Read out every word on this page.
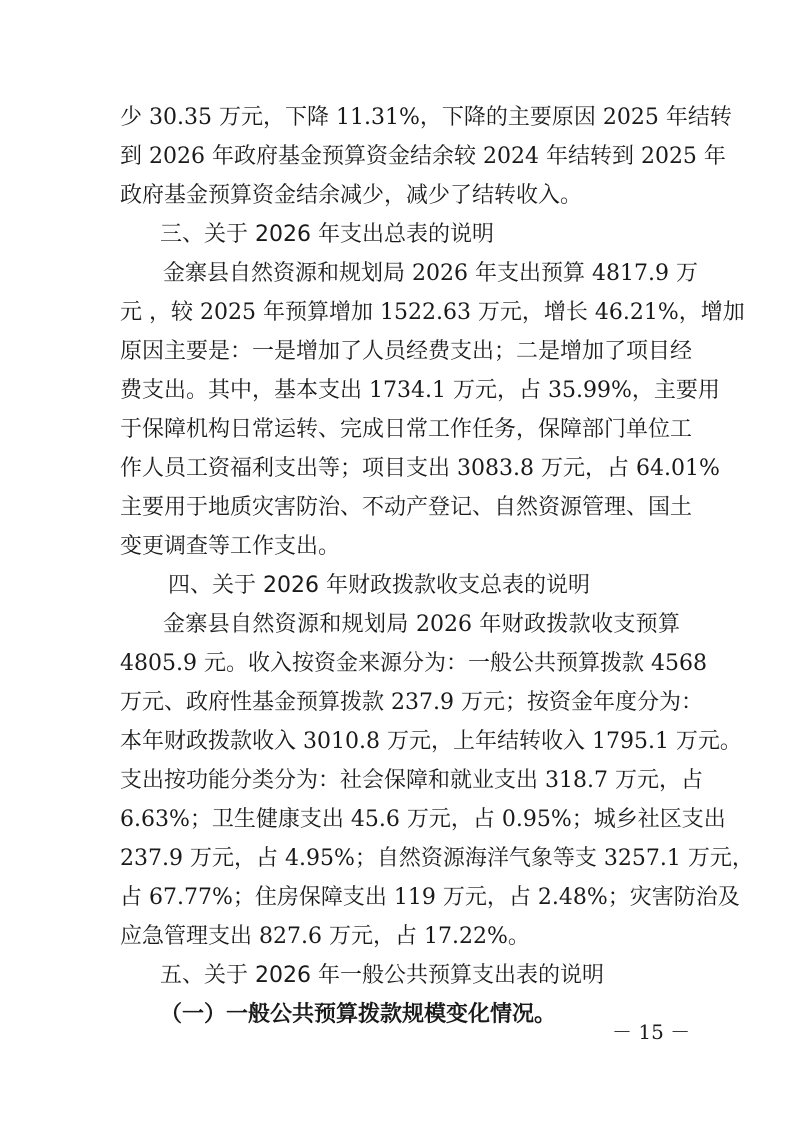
少 30.35 万元，下降 11.31%，下降的主要原因 2025 年结转
到 2026 年政府基金预算资金结余较 2024 年结转到 2025 年
政府基金预算资金结余减少，减少了结转收入。
三、关于 2026 年支出总表的说明
金寨县自然资源和规划局 2026 年支出预算 4817.9 万
元 ，较 2025 年预算增加 1522.63 万元，增长 46.21%，增加
原因主要是：一是增加了人员经费支出；二是增加了项目经
费支出。其中，基本支出 1734.1 万元，占 35.99%，主要用
于保障机构日常运转、完成日常工作任务，保障部门单位工
作人员工资福利支出等；项目支出 3083.8 万元，占 64.01%
主要用于地质灾害防治、不动产登记、自然资源管理、国土
变更调查等工作支出。
四、关于 2026 年财政拨款收支总表的说明
金寨县自然资源和规划局 2026 年财政拨款收支预算
4805.9 元。收入按资金来源分为：一般公共预算拨款 4568
万元、政府性基金预算拨款 237.9 万元；按资金年度分为：
本年财政拨款收入 3010.8 万元，上年结转收入 1795.1 万元。
支出按功能分类分为：社会保障和就业支出 318.7 万元，占
6.63%；卫生健康支出 45.6 万元，占 0.95%；城乡社区支出
237.9 万元，占 4.95%；自然资源海洋气象等支 3257.1 万元，
占 67.77%；住房保障支出 119 万元，占 2.48%；灾害防治及
应急管理支出 827.6 万元，占 17.22%。
五、关于 2026 年一般公共预算支出表的说明
（一）一般公共预算拨款规模变化情况。
－ 15 －
